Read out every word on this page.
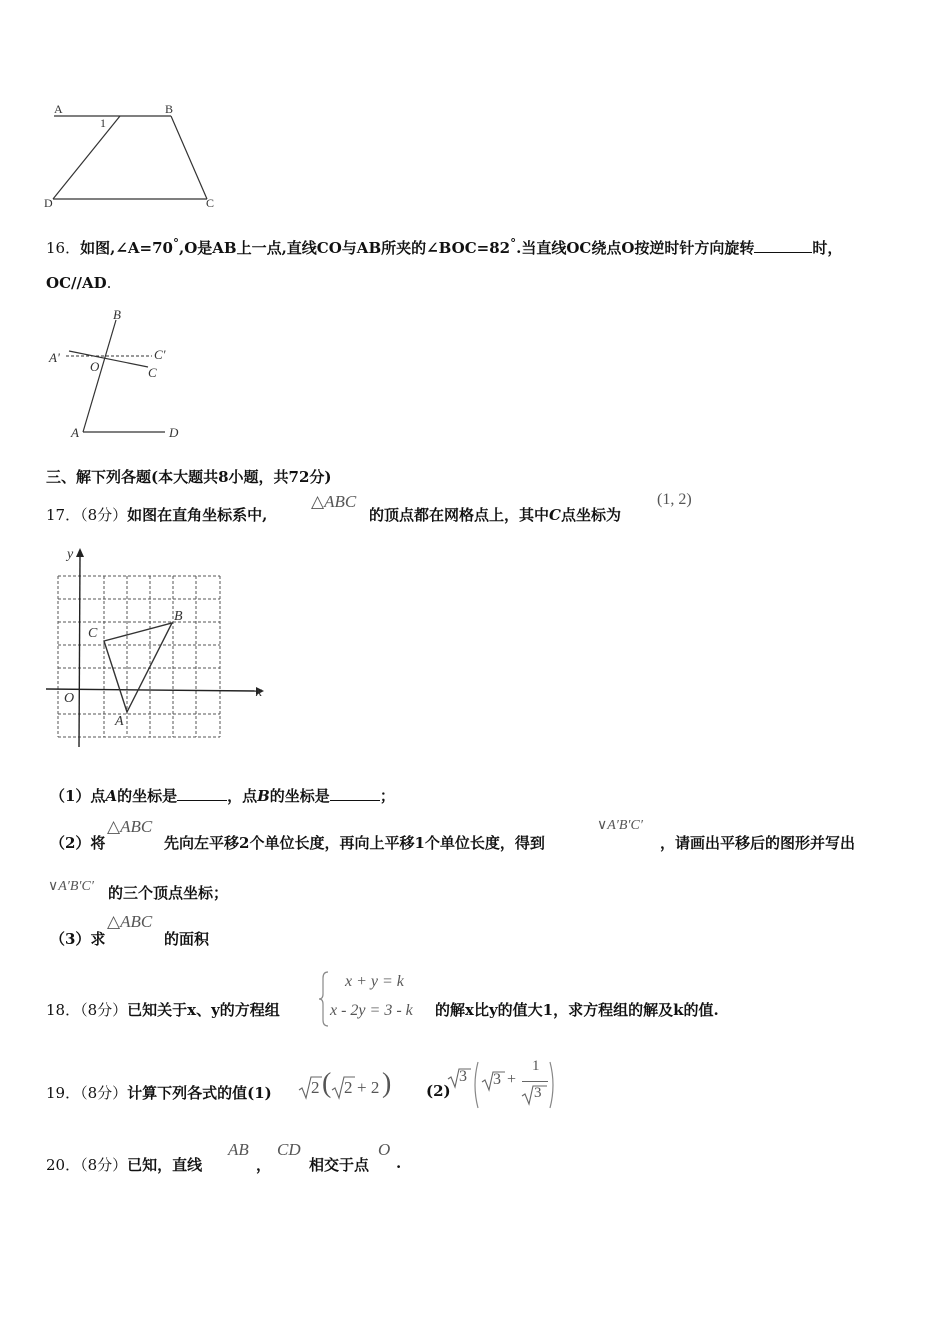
A	B
1
D	C
16．如图,∠A=70°,O是AB上一点,直线CO与AB所夹的∠BOC=82°.当直线OC绕点O按逆时针方向旋转	时，
OC//AD.
B
A'	C'
O	C
A	D
三、解下列各题(本大题共8小题，共72分)
17．（8分）如图在直角坐标系中,
△ABC
的顶点都在网格点上，其中C点坐标为
(1, 2)
y
x
O
C
B
A
（1）点A的坐标是	，点B的坐标是	；
（2）将
△ABC
先向左平移2个单位长度，再向上平移1个单位长度，得到
∨A′B′C′
，请画出平移后的图形并写出
∨A′B′C′ 的三个顶点坐标；
（3）求
△ABC
的面积
18．（8分）已知关于x、y的方程组
x + y = k
x - 2y = 3 - k 的解x比y的值大1，求方程组的解及k的值.
19．（8分）计算下列各式的值(1) 2 ( 2 + 2 ) (2)
3 3 +
1
3
20．（8分）已知，直线
AB
，
CD
相交于点
O
.
